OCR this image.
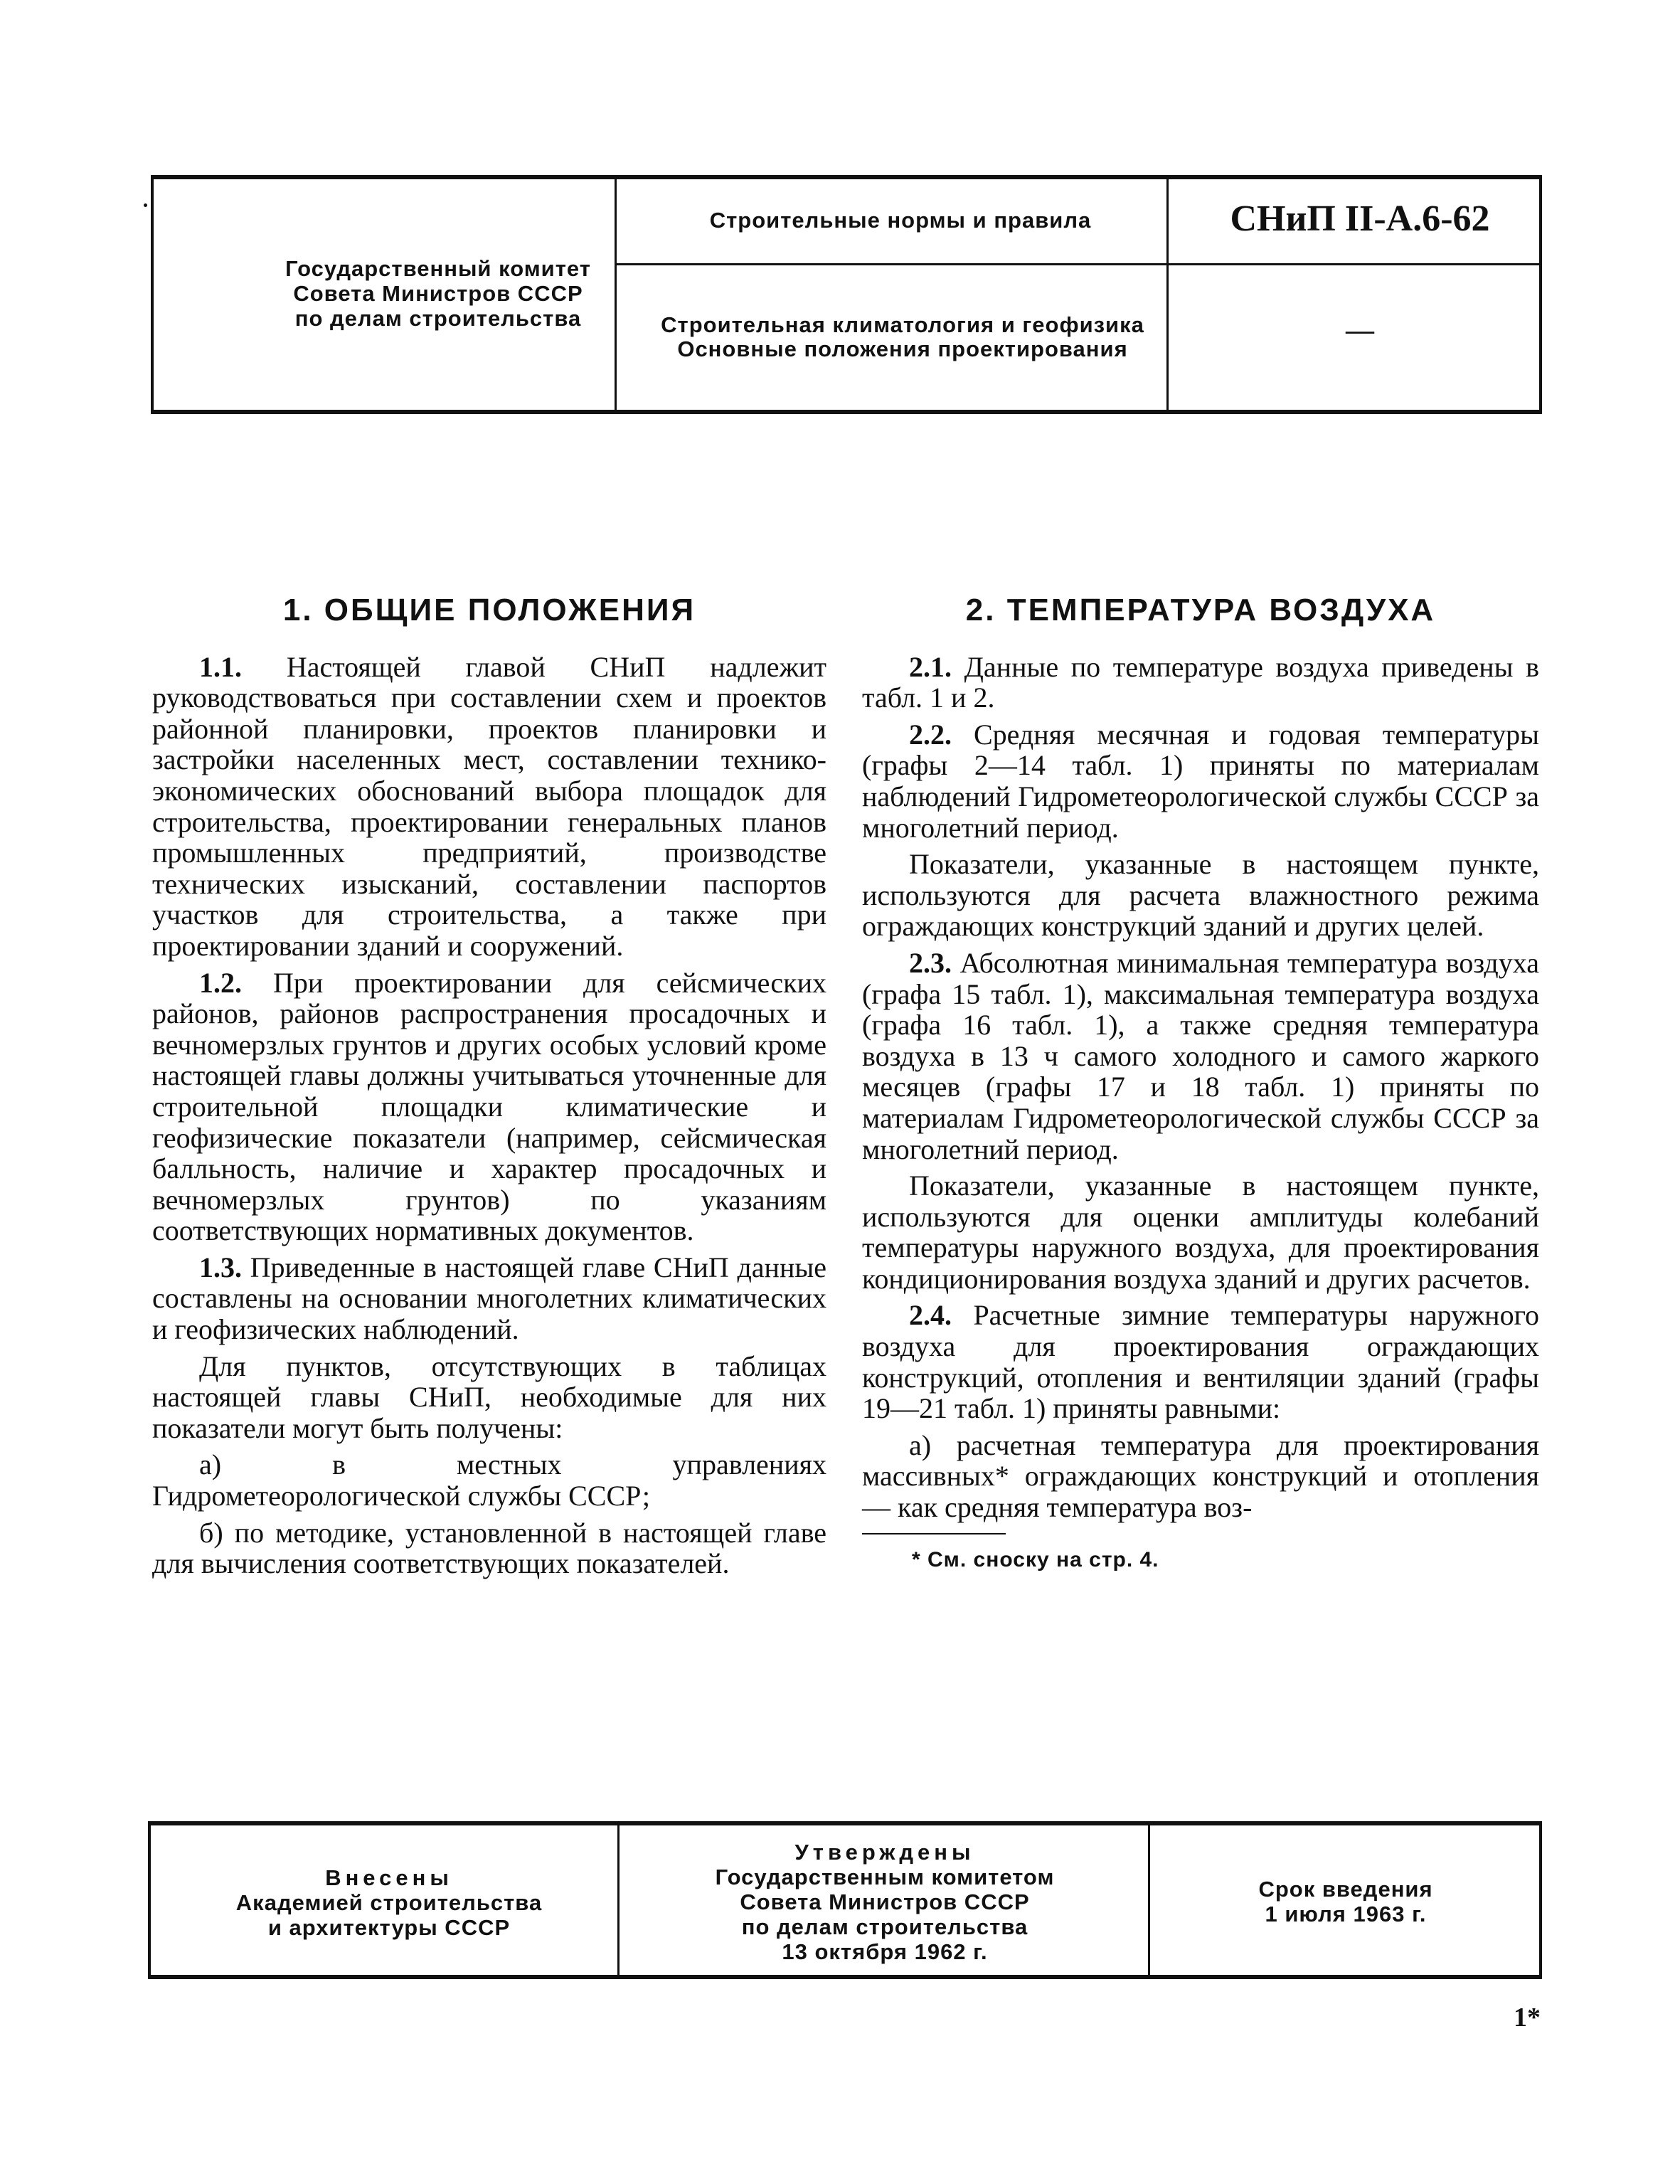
Государственный комитет
Совета Министров СССР
по делам строительства
Строительные нормы и правила	СНиП II-А.6-62
Строительная климатология и геофизика
Основные положения проектирования
—
1. ОБЩИЕ ПОЛОЖЕНИЯ

1.1. Настоящей главой СНиП надлежит руководствоваться при составлении схем и проектов районной планировки, проектов планировки и застройки населенных мест, составлении технико-экономических обоснований выбора площадок для строительства, проектировании генеральных планов промышленных предприятий, производстве технических изысканий, составлении паспортов участков для строительства, а также при проектировании зданий и сооружений.

1.2. При проектировании для сейсмических районов, районов распространения просадочных и вечномерзлых грунтов и других особых условий кроме настоящей главы должны учитываться уточненные для строительной площадки климатические и геофизические показатели (например, сейсмическая балльность, наличие и характер просадочных и вечномерзлых грунтов) по указаниям соответствующих нормативных документов.

1.3. Приведенные в настоящей главе СНиП данные составлены на основании многолетних климатических и геофизических наблюдений.

Для пунктов, отсутствующих в таблицах настоящей главы СНиП, необходимые для них показатели могут быть получены:

а) в местных управлениях Гидрометеорологической службы СССР;

б) по методике, установленной в настоящей главе для вычисления соответствующих показателей.

2. ТЕМПЕРАТУРА ВОЗДУХА

2.1. Данные по температуре воздуха приведены в табл. 1 и 2.

2.2. Средняя месячная и годовая температуры (графы 2—14 табл. 1) приняты по материалам наблюдений Гидрометеорологической службы СССР за многолетний период.

Показатели, указанные в настоящем пункте, используются для расчета влажностного режима ограждающих конструкций зданий и других целей.

2.3. Абсолютная минимальная температура воздуха (графа 15 табл. 1), максимальная температура воздуха (графа 16 табл. 1), а также средняя температура воздуха в 13 ч самого холодного и самого жаркого месяцев (графы 17 и 18 табл. 1) приняты по материалам Гидрометеорологической службы СССР за многолетний период.

Показатели, указанные в настоящем пункте, используются для оценки амплитуды колебаний температуры наружного воздуха, для проектирования кондиционирования воздуха зданий и других расчетов.

2.4. Расчетные зимние температуры наружного воздуха для проектирования ограждающих конструкций, отопления и вентиляции зданий (графы 19—21 табл. 1) приняты равными:

а) расчетная температура для проектирования массивных* ограждающих конструкций и отопления — как средняя температура воз-

* См. сноску на стр. 4.
Внесены
Академией строительства
и архитектуры СССР
Утверждены
Государственным комитетом
Совета Министров СССР
по делам строительства
13 октября 1962 г.
Срок введения
1 июля 1963 г.
1*
